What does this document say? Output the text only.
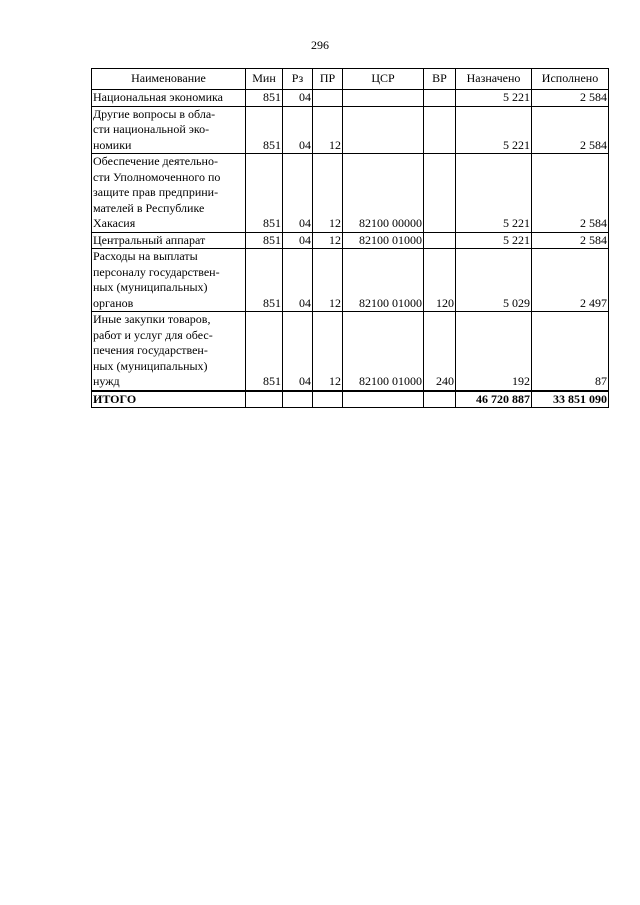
296
Наименование	Мин	Рз	ПР	ЦСР	ВР	Назначено	Исполнено

Национальная экономика	851	04				5 221	2 584

Другие вопросы в обла-
сти национальной эко-
номики	851	04	12			5 221	2 584

Обеспечение деятельно-
сти Уполномоченного по
защите прав предприни-
мателей в Республике
Хакасия	851	04	12	82100 00000		5 221	2 584

Центральный аппарат	851	04	12	82100 01000		5 221	2 584

Расходы на выплаты
персоналу государствен-
ных (муниципальных)
органов	851	04	12	82100 01000	120	5 029	2 497

Иные закупки товаров,
работ и услуг для обес-
печения государствен-
ных (муниципальных)
нужд	851	04	12	82100 01000	240	192	87
ИТОГО						46 720 887	33 851 090
